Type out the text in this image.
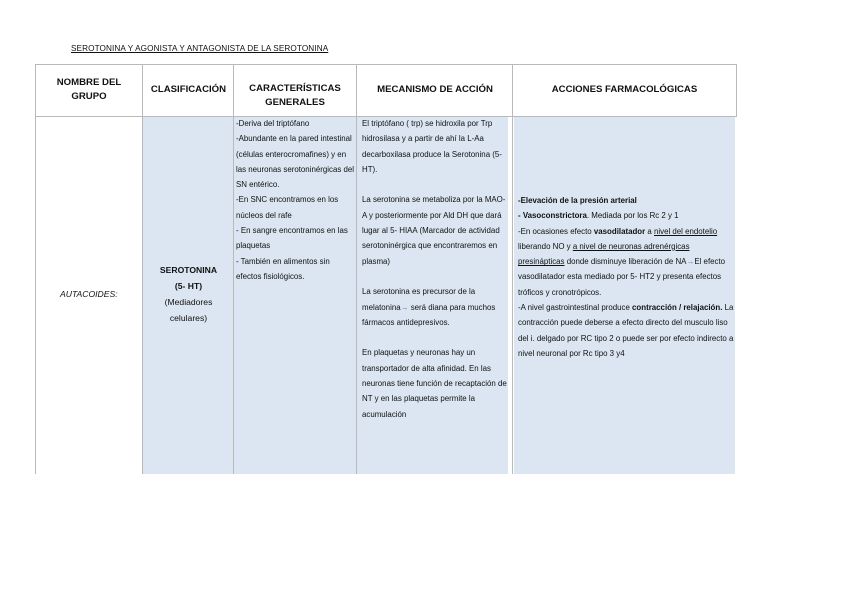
SEROTONINA Y AGONISTA Y ANTAGONISTA DE LA SEROTONINA
NOMBRE DEL GRUPO
CLASIFICACIÓN	CARACTERÍSTICAS GENERALES
MECANISMO DE ACCIÓN	ACCIONES FARMACOLÓGICAS
AUTACOIDES:
SEROTONINA
(5- HT)
(Mediadores celulares)

-Deriva del triptófano

-Abundante en la pared intestinal (células enterocromafines) y en las neuronas serotoninérgicas del SN entérico.

-En SNC encontramos en los núcleos del rafe

- En sangre encontramos en las plaquetas

- También en alimentos sin efectos fisiológicos.

El triptófano ( trp) se hidroxila por Trp hidrosilasa y a partir de ahí la L-Aa decarboxilasa produce la Serotonina (5-HT).

La serotonina se metaboliza por la MAO-A y posteriormente por Ald DH que dará lugar al 5- HIAA (Marcador de actividad serotoninérgica que encontraremos en plasma)

La serotonina es precursor de la melatonina→ será diana para muchos fármacos antidepresivos.

En plaquetas y neuronas hay un transportador de alta afinidad. En las neuronas tiene función de recaptación de NT y en las plaquetas permite la acumulación

-Elevación de la presión arterial

- Vasoconstrictora. Mediada por los Rc 2 y 1

-En ocasiones efecto vasodilatador a nivel del endotelio liberando NO y a nivel de neuronas adrenérgicas presinápticas donde disminuye liberación de NA→El efecto vasodilatador esta mediado por 5- HT2 y presenta efectos tróficos y cronotrópicos.

-A nivel gastrointestinal produce contracción / relajación. La contracción puede deberse a efecto directo del musculo liso del i. delgado por RC tipo 2 o puede ser por efecto indirecto a nivel neuronal por Rc tipo 3 y4
